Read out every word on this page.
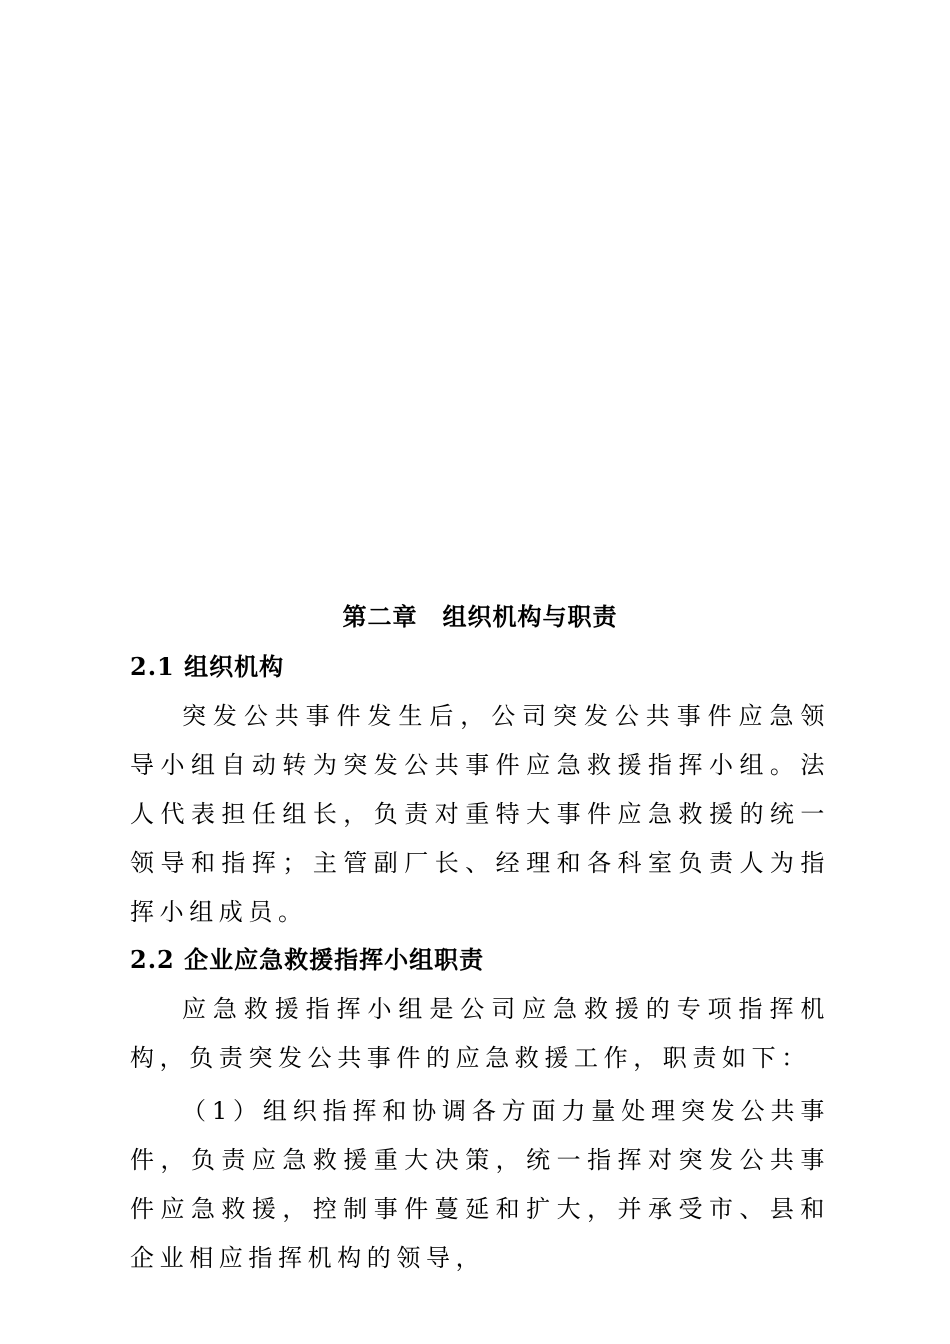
第二章　组织机构与职责
2.1 组织机构

突发公共事件发生后，公司突发公共事件应急领导小组自动转为突发公共事件应急救援指挥小组。法人代表担任组长，负责对重特大事件应急救援的统一领导和指挥；主管副厂长、经理和各科室负责人为指挥小组成员。

2.2 企业应急救援指挥小组职责

应急救援指挥小组是公司应急救援的专项指挥机构，负责突发公共事件的应急救援工作，职责如下：

（1）组织指挥和协调各方面力量处理突发公共事件，负责应急救援重大决策，统一指挥对突发公共事件应急救援，控制事件蔓延和扩大，并承受市、县和企业相应指挥机构的领导，
